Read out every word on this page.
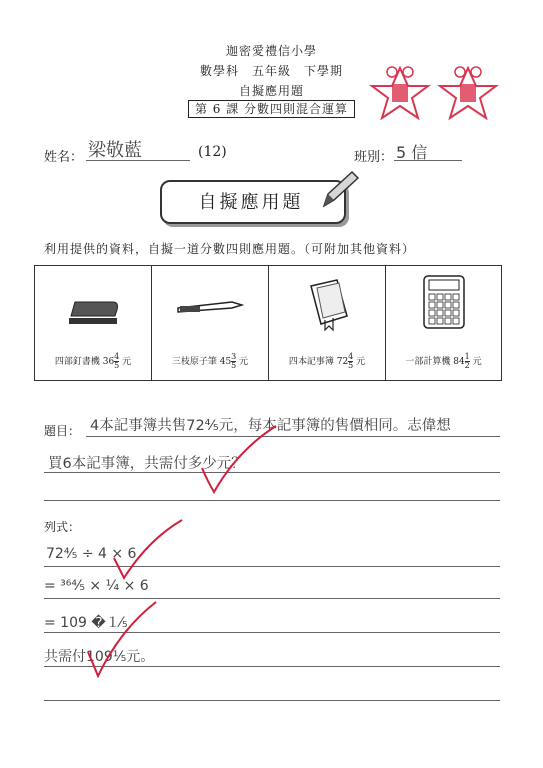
迦密愛禮信小學
數學科　五年級　下學期
自擬應用題
第 6 課 分數四則混合運算
姓名： 梁敬藍	(12)	班別： 5 信
自擬應用題
利用提供的資料，自擬一道分數四則應用題。（可附加其他資料）
四部釘書機 $36 \frac{4}{5}$ 元	三枝原子筆 $45 \frac{3}{5}$ 元	四本記事簿 $72 \frac{4}{5}$ 元	一部計算機 $84 \frac{1}{2}$ 元
題目： 4本記事簿共售72⁴⁄₅元，每本記事簿的售價相同。志偉想
買6本記事簿，共需付多少元？
列式：
72⁴⁄₅ ÷ 4 × 6
= ³⁶⁴⁄₅ × ¹⁄₄ × 6
= 109 �１⁄₅
共需付109⅕元。
